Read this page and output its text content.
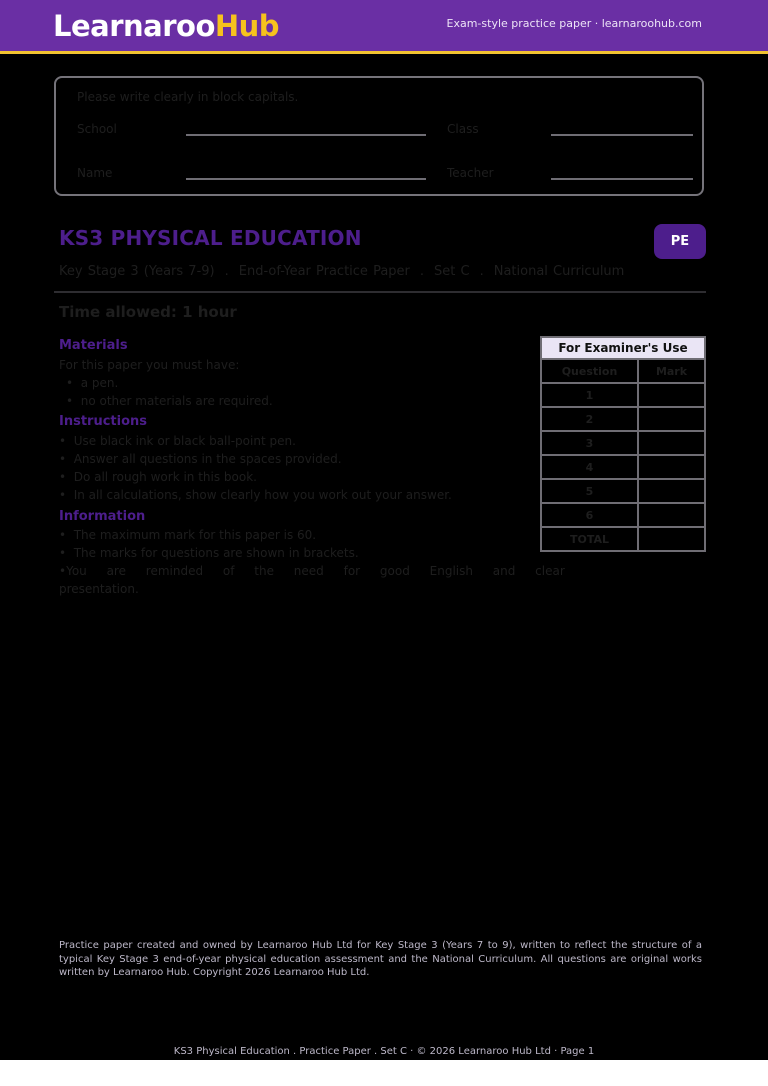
LearnarooHub	Exam-style practice paper · learnaroohub.com
Please write clearly in block capitals.
School	Class
Name	Teacher
KS3 PHYSICAL EDUCATION	PE
Key Stage 3 (Years 7-9) . End-of-Year Practice Paper . Set C . National Curriculum
Time allowed: 1 hour
Materials
For this paper you must have:
•  a pen.
•  no other materials are required.
Instructions
•  Use black ink or black ball-point pen.
•  Answer all questions in the spaces provided.
•  Do all rough work in this book.
•  In all calculations, show clearly how you work out your answer.
Information
•  The maximum mark for this paper is 60.
•  The marks for questions are shown in brackets.
• You are reminded of the need for good English and clear
presentation.
For Examiner's Use	
Question	Mark
1	
2	
3	
4	
5	
6	
TOTAL	
Practice paper created and owned by Learnaroo Hub Ltd for Key Stage 3 (Years 7 to 9), written to reflect the structure of a typical Key Stage 3 end-of-year physical education assessment and the National Curriculum. All questions are original works written by Learnaroo Hub. Copyright 2026 Learnaroo Hub Ltd.
KS3 Physical Education . Practice Paper . Set C · © 2026 Learnaroo Hub Ltd · Page 1
